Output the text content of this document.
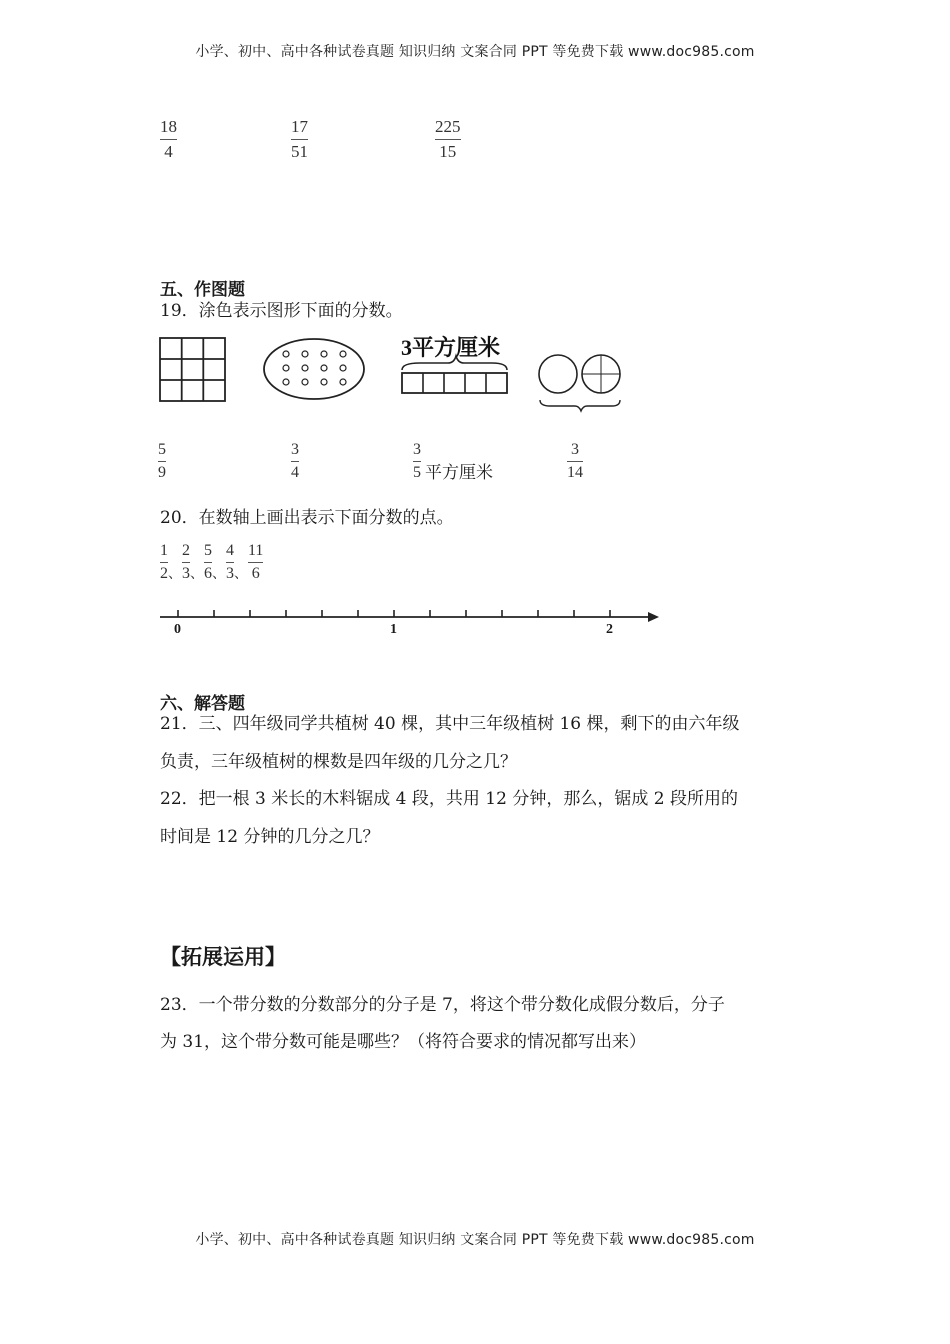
小学、初中、高中各种试卷真题 知识归纳 文案合同 PPT 等免费下载 www.doc985.com
18
4
17
51
225
15
五、作图题
19．涂色表示图形下面的分数。
3平方厘米
5
9
3
4
3
5 平方厘米
3
14
20．在数轴上画出表示下面分数的点。
$\frac{1}{2}$ 、 $\frac{2}{3}$ 、 $\frac{5}{6}$ 、 $\frac{4}{3}$ 、 $\frac{11}{6}$
0	1	2
六、解答题
21．三、四年级同学共植树 40 棵，其中三年级植树 16 棵，剩下的由六年级
负责，三年级植树的棵数是四年级的几分之几？
22．把一根 3 米长的木料锯成 4 段，共用 12 分钟，那么，锯成 2 段所用的
时间是 12 分钟的几分之几？
【拓展运用】
23．一个带分数的分数部分的分子是 7，将这个带分数化成假分数后，分子
为 31，这个带分数可能是哪些？（将符合要求的情况都写出来）
小学、初中、高中各种试卷真题 知识归纳 文案合同 PPT 等免费下载 www.doc985.com
